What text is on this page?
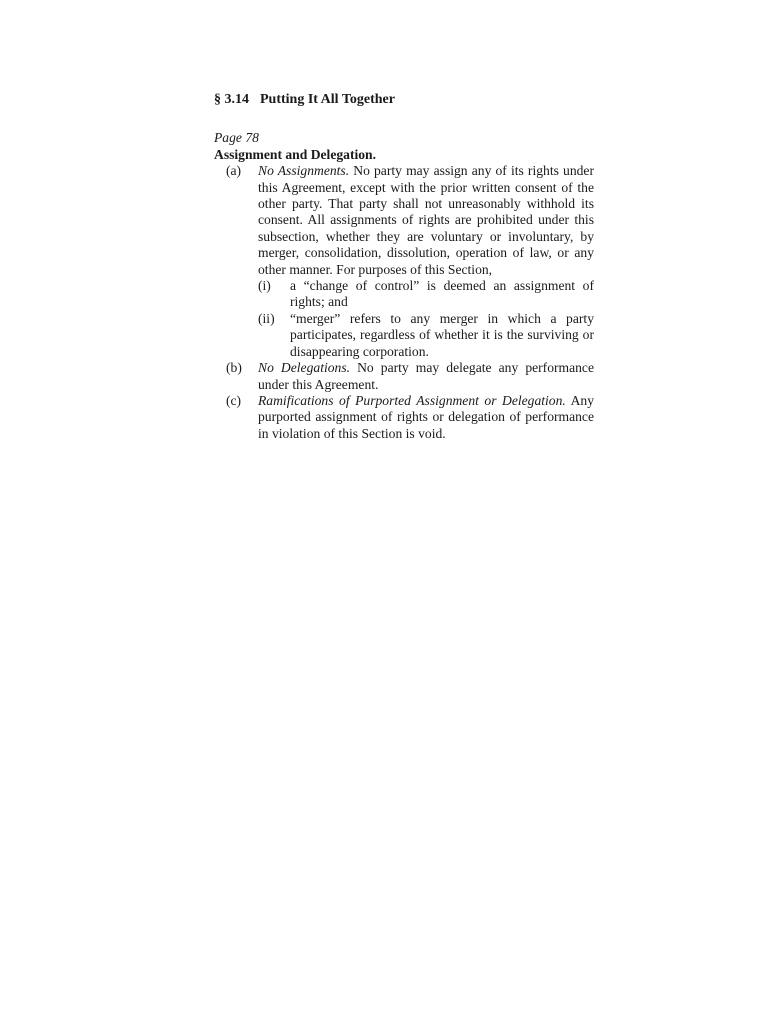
§ 3.14 Putting It All Together

Page 78

Assignment and Delegation.

(a) No Assignments. No party may assign any of its rights under this Agreement, except with the prior written consent of the other party. That party shall not unreasonably withhold its consent. All assignments of rights are prohibited under this subsection, whether they are voluntary or involuntary, by merger, consolidation, dissolution, operation of law, or any other manner. For purposes of this Section,
(i) a “change of control” is deemed an assignment of rights; and
(ii) “merger” refers to any merger in which a party participates, regardless of whether it is the surviving or disappearing corporation.
(b) No Delegations. No party may delegate any performance under this Agreement.
(c) Ramifications of Purported Assignment or Delegation. Any purported assignment of rights or delegation of performance in violation of this Section is void.
